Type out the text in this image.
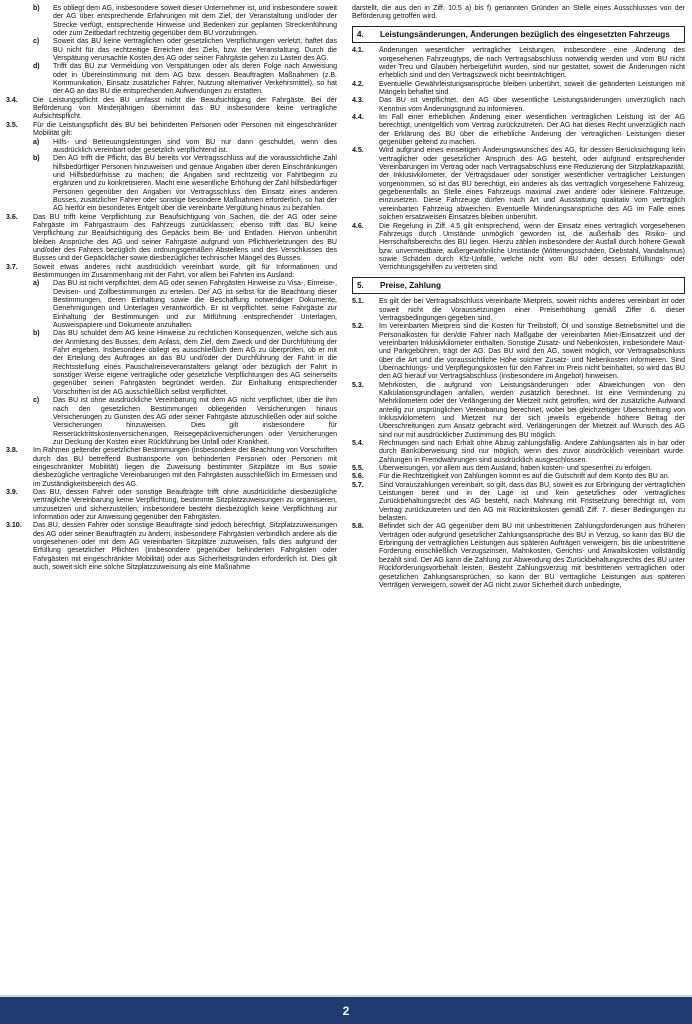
b)	Es obliegt dem AG, insbesondere soweit dieser Unternehmer ist, und insbesondere soweit der AG über entsprechende Erfahrungen mit dem Ziel, der Veranstaltung und/oder der Strecke verfügt, entsprechende Hinweise und Bedenken zur geplanten Streckenführung oder zum Zeitbedarf rechtzeitig gegenüber dem BU vorzubringen.
c)	Soweit das BU keine vertraglichen oder gesetzlichen Verpflichtungen verletzt, haftet das BU nicht für das rechtzeitige Erreichen des Ziels, bzw. der Veranstaltung. Durch die Verspätung verursachte Kosten des AG oder seiner Fahrgäste gehen zu Lasten des AG.
d)	Trifft das BU zur Vermeidung von Verspätungen oder als deren Folge nach Anweisung oder in Übereinstimmung mit dem AG bzw. dessen Beauftragten Maßnahmen (z.B. Kommunikation, Einsatz zusätzlicher Fahrer, Nutzung alternativer Verkehrsmittel), so hat der AG an das BU die entsprechenden Aufwendungen zu erstatten.
3.4.	Die Leistungspflicht des BU umfasst nicht die Beaufsichtigung der Fahrgäste. Bei der Beförderung von Minderjährigen übernimmt das BU insbesondere keine vertragliche Aufsichtspflicht.
3.5.	Für die Leistungspflicht des BU bei behinderten Personen oder Personen mit eingeschränkter Mobilität gilt:
a)	Hilfs- und Betreuungsleistungen sind vom BU nur dann geschuldet, wenn dies ausdrücklich vereinbart oder gesetzlich verpflichtend ist.
b)	Den AG trifft die Pflicht, das BU bereits vor Vertragsschluss auf die voraussichtliche Zahl hilfsbedürftiger Personen hinzuweisen und genaue Angaben über deren Einschränkungen und Hilfsbedürfnisse zu machen; die Angaben sind rechtzeitig vor Fahrtbeginn zu ergänzen und zu konkretisieren. Macht eine wesentliche Erhöhung der Zahl hilfsbedürftiger Personen gegenüber den Angaben vor Vertragsschluss den Einsatz eines anderen Busses, zusätzlicher Fahrer oder sonstige besondere Maßnahmen erforderlich, so hat der AG hierfür ein besonderes Entgelt über die vereinbarte Vergütung hinaus zu bezahlen.
3.6.	Das BU trifft keine Verpflichtung zur Beaufsichtigung von Sachen, die der AG oder seine Fahrgäste im Fahrgastraum des Fahrzeugs zurücklassen; ebenso trifft das BU keine Verpflichtung zur Beaufsichtigung des Gepäcks beim Be- und Entladen. Hiervon unberührt bleiben Ansprüche des AG und seiner Fahrgäste aufgrund von Pflichtverletzungen des BU und/oder des Fahrers bezüglich des ordnungsgemäßen Abstellens und des Verschlusses des Busses und der Gepäckfächer sowie diesbezüglicher technischer Mängel des Busses.
3.7.	Soweit etwas anderes nicht ausdrücklich vereinbart wurde, gilt für Informationen und Bestimmungen im Zusammenhang mit der Fahrt, vor allem bei Fahrten ins Ausland:
a)	Das BU ist nicht verpflichtet, dem AG oder seinen Fahrgästen Hinweise zu Visa-, Einreise-, Devisen- und Zollbestimmungen zu erteilen. Der AG ist selbst für die Beachtung dieser Bestimmungen, deren Einhaltung sowie die Beschaffung notwendiger Dokumente, Genehmigungen und Unterlagen verantwortlich. Er ist verpflichtet, seine Fahrgäste zur Einhaltung der Bestimmungen und zur Mitführung entsprechender Unterlagen, Ausweispapiere und Dokumente anzuhalten.
b)	Das BU schuldet dem AG keine Hinweise zu rechtlichen Konsequenzen, welche sich aus der Anmietung des Busses, dem Anlass, dem Ziel, dem Zweck und der Durchführung der Fahrt ergeben. Insbesondere obliegt es ausschließlich dem AG zu überprüfen, ob er mit der Erteilung des Auftrages an das BU und/oder der Durchführung der Fahrt in die Rechtsstellung eines Pauschalreiseveranstalters gelangt oder bezüglich der Fahrt in sonstiger Weise eigene vertragliche oder gesetzliche Verpflichtungen des AG seinerseits gegenüber seinen Fahrgästen begründet werden. Zur Einhaltung entsprechender Vorschriften ist der AG ausschließlich selbst verpflichtet.
c)	Das BU ist ohne ausdrückliche Vereinbarung mit dem AG nicht verpflichtet, über die ihm nach den gesetzlichen Bestimmungen obliegenden Versicherungen hinaus Versicherungen zu Gunsten des AG oder seiner Fahrgäste abzuschließen oder auf solche Versicherungen hinzuweisen. Dies gilt insbesondere für Reiserücktrittskostenversicherungen, Reisegepäckversicherungen oder Versicherungen zur Deckung der Kosten einer Rückführung bei Unfall oder Krankheit.
3.8.	Im Rahmen geltender gesetzlicher Bestimmungen (insbesondere der Beachtung von Vorschriften durch das BU betreffend Bustransporte von behinderten Personen oder Personen mit eingeschränkter Mobilität) liegen die Zuweisung bestimmter Sitzplätze im Bus sowie diesbezügliche vertragliche Vereinbarungen mit den Fahrgästen ausschließlich im Ermessen und im Zuständigkeitsbereich des AG.
3.9.	Das BU, dessen Fahrer oder sonstige Beauftragte trifft ohne ausdrückliche diesbezügliche vertragliche Vereinbarung keine Verpflichtung, bestimmte Sitzplatzzuweisungen zu organisieren, umzusetzen und sicherzustellen; insbesondere besteht diesbezüglich keine Verpflichtung zur Information oder zur Anweisung gegenüber den Fahrgästen.
3.10.	Das BU, dessen Fahrer oder sonstige Beauftragte sind jedoch berechtigt, Sitzplatzzuweisungen des AG oder seiner Beauftragten zu ändern, insbesondere Fahrgästen verbindlich andere als die vorgesehenen oder mit dem AG vereinbarten Sitzplätze zuzuweisen, falls dies aufgrund der Erfüllung gesetzlicher Pflichten (insbesondere gegenüber behinderten Fahrgästen oder Fahrgästen mit eingeschränkter Mobilität) oder aus Sicherheitsgründen erforderlich ist. Dies gilt auch, soweit sich eine solche Sitzplatzzuweisung als eine Maßnahme
darstellt, die aus den in Ziff. 10.5 a) bis f) genannten Gründen an Stelle eines Ausschlusses von der Beförderung getroffen wird.
4.	Leistungsänderungen, Änderungen bezüglich des eingesetzten Fahrzeugs
4.1.	Änderungen wesentlicher vertraglicher Leistungen, insbesondere eine Änderung des vorgesehenen Fahrzeugtyps, die nach Vertragsabschluss notwendig werden und vom BU nicht wider Treu und Glauben herbeigeführt wurden, sind nur gestattet, soweit die Änderungen nicht erheblich sind und den Vertragszweck nicht beeinträchtigen.
4.2.	Eventuelle Gewährleistungsansprüche bleiben unberührt, soweit die geänderten Leistungen mit Mängeln behaftet sind.
4.3.	Das BU ist verpflichtet, den AG über wesentliche Leistungsänderungen unverzüglich nach Kenntnis vom Änderungsgrund zu informieren.
4.4.	Im Fall einer erheblichen Änderung einer wesentlichen vertraglichen Leistung ist der AG berechtigt, unentgeltlich vom Vertrag zurückzutreten. Der AG hat dieses Recht unverzüglich nach der Erklärung des BU über die erhebliche Änderung der vertraglichen Leistungen dieser gegenüber geltend zu machen.
4.5.	Wird aufgrund eines einseitigen Änderungswunsches des AG, für dessen Berücksichtigung kein vertraglicher oder gesetzlicher Anspruch des AG besteht, oder aufgrund entsprechender Vereinbarungen im Vertrag oder nach Vertragsabschluss eine Reduzierung der Sitzplatzkapazität, der Inklusivkilometer, der Vertragsdauer oder sonstiger wesentlicher vertraglicher Leistungen vorgenommen, so ist das BU berechtigt, ein anderes als das vertraglich vorgesehene Fahrzeug, gegebenenfalls an Stelle eines Fahrzeugs maximal zwei andere oder kleinere Fahrzeuge, einzusetzen. Diese Fahrzeuge dürfen nach Art und Ausstattung qualitativ vom vertraglich vereinbarten Fahrzeug abweichen. Eventuelle Minderungsansprüche des AG im Falle eines solchen ersatzweisen Einsatzes bleiben unberührt.
4.6.	Die Regelung in Ziff. 4.5 gilt entsprechend, wenn der Einsatz eines vertraglich vorgesehenen Fahrzeugs durch Umstände unmöglich geworden ist, die außerhalb des Risiko- und Herrschaftsbereichs des BU liegen. Hierzu zählen insbesondere der Ausfall durch höhere Gewalt bzw. unvermeidbare, außergewöhnliche Umstände (Witterungsschäden, Diebstahl, Vandalismus) sowie Schäden durch Kfz-Unfälle, welche nicht vom BU oder dessen Erfüllungs- oder Verrichtungsgehilfen zu vertreten sind.
5.	Preise, Zahlung
5.1.	Es gilt der bei Vertragsabschluss vereinbarte Mietpreis, soweit nichts anderes vereinbart ist oder soweit nicht die Voraussetzungen einer Preiserhöhung gemäß Ziffer 6. dieser Vertragsbedingungen gegeben sind.
5.2.	Im vereinbarten Mietpreis sind die Kosten für Treibstoff, Öl und sonstige Betriebsmittel und die Personalkosten für den/die Fahrer nach Maßgabe der vereinbarten Miet-/Einsatzzeit und der vereinbarten Inklusivkilometer enthalten. Sonstige Zusatz- und Nebenkosten, insbesondere Maut- und Parkgebühren, trägt der AG. Das BU wird den AG, soweit möglich, vor Vertragsabschluss über die Art und die voraussichtliche Höhe solcher Zusatz- und Nebenkosten informieren. Sind Übernachtungs- und Verpflegungskosten für den Fahrer im Preis nicht beinhaltet, so wird das BU den AG hierauf vor Vertragsabschluss (insbesondere im Angebot) hinweisen.
5.3.	Mehrkosten, die aufgrund von Leistungsänderungen oder Abweichungen von den Kalkulationsgrundlagen anfallen, werden zusätzlich berechnet. Ist eine Verminderung zu Mehrkilometern oder der Verlängerung der Mietzeit nicht getroffen, wird der zusätzliche Aufwand anteilig zur ursprünglichen Vereinbarung berechnet, wobei bei gleichzeitiger Überschreitung von Inklusivkilometern und Mietzeit nur der sich jeweils ergebende höhere Betrag der Überschreitungen zum Ansatz gebracht wird. Verlängerungen der Mietzeit auf Wunsch des AG sind nur mit ausdrücklicher Zustimmung des BU möglich.
5.4.	Rechnungen sind nach Erhalt ohne Abzug zahlungsfällig. Andere Zahlungsarten als in bar oder durch Banküberweisung sind nur möglich, wenn dies zuvor ausdrücklich vereinbart wurde. Zahlungen in Fremdwährungen sind ausdrücklich ausgeschlossen.
5.5.	Überweisungen, vor allem aus dem Ausland, haben kosten- und spesenfrei zu erfolgen.
5.6.	Für die Rechtzeitigkeit von Zahlungen kommt es auf die Gutschrift auf dem Konto des BU an.
5.7.	Sind Vorauszahlungen vereinbart, so gilt, dass das BU, soweit es zur Erbringung der vertraglichen Leistungen bereit und in der Lage ist und kein gesetzliches oder vertragliches Zurückbehaltungsrecht des AG besteht, nach Mahnung mit Fristsetzung berechtigt ist, vom Vertrag zurückzutreten und den AG mit Rücktrittskosten gemäß Ziff. 7. dieser Bedingungen zu belasten.
5.8.	Befindet sich der AG gegenüber dem BU mit unbestrittenen Zahlungsforderungen aus früheren Verträgen oder aufgrund gesetzlicher Zahlungsansprüche des BU in Verzug, so kann das BU die Erbringung der vertraglichen Leistungen aus späteren Aufträgen verweigern, bis die unbestrittene Forderung einschließlich Verzugszinsen, Mahnkosten, Gerichts- und Anwaltskosten vollständig bezahlt sind. Der AG kann die Zahlung zur Abwendung des Zurückbehaltungsrechts des BU unter Rückforderungsvorbehalt leisten. Besteht Zahlungsverzug mit bestrittenen vertraglichen oder gesetzlichen Zahlungsansprüchen, so kann der BU vertragliche Leistungen aus späteren Verträgen verweigern, soweit der AG nicht zuvor Sicherheit durch unbedingte,
2
